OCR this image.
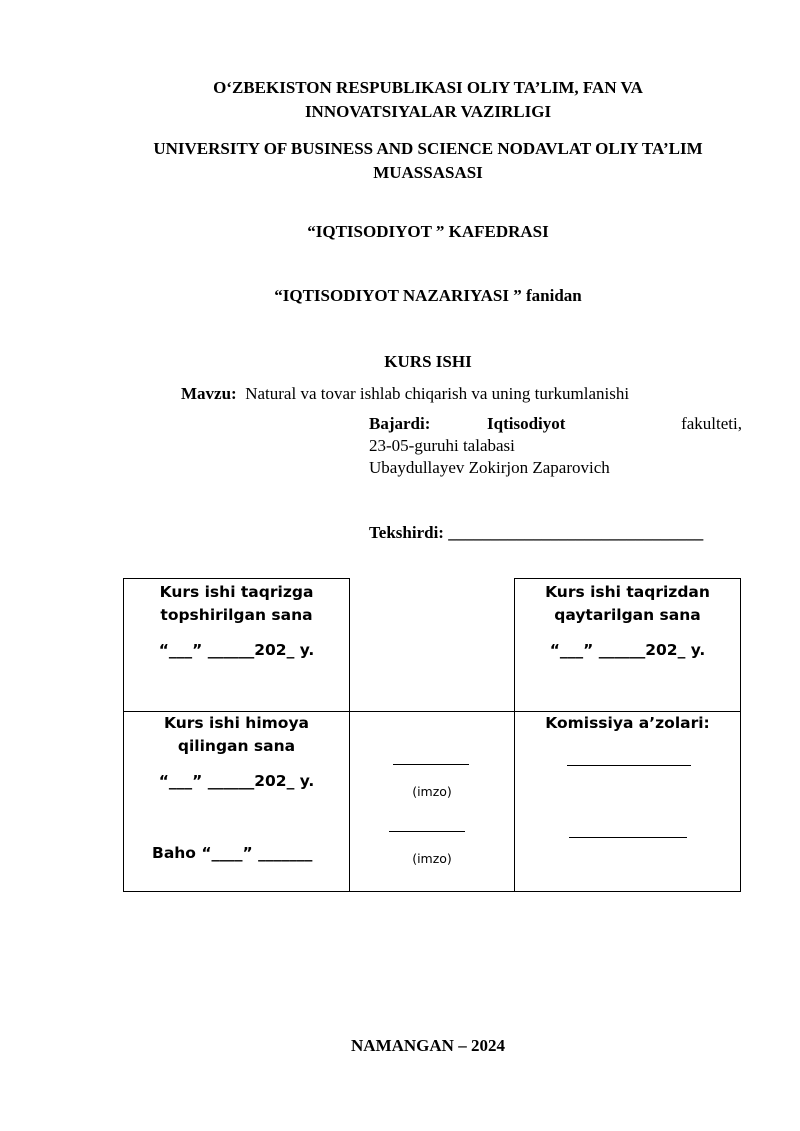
O‘ZBEKISTON RESPUBLIKASI OLIY TA’LIM, FAN VA
INNOVATSIYALAR VAZIRLIGI
UNIVERSITY OF BUSINESS AND SCIENCE NODAVLAT OLIY TA’LIM
MUASSASASI
“IQTISODIYOT ” KAFEDRASI
“IQTISODIYOT NAZARIYASI ” fanidan
KURS ISHI
Mavzu: Natural va tovar ishlab chiqarish va uning turkumlanishi
Bajardi:	Iqtisodiyot	fakulteti,
23-05-guruhi talabasi
Ubaydullayev Zokirjon Zaparovich
Tekshirdi: ______________________________
Kurs ishi taqrizga
topshirilgan sana
“___” ______202_ y.
Kurs ishi taqrizdan
qaytarilgan sana
“___” ______202_ y.
Kurs ishi himoya
qilingan sana
“___” ______202_ y.
Baho “____” _______
(imzo)
(imzo)
Komissiya a’zolari:
NAMANGAN – 2024
